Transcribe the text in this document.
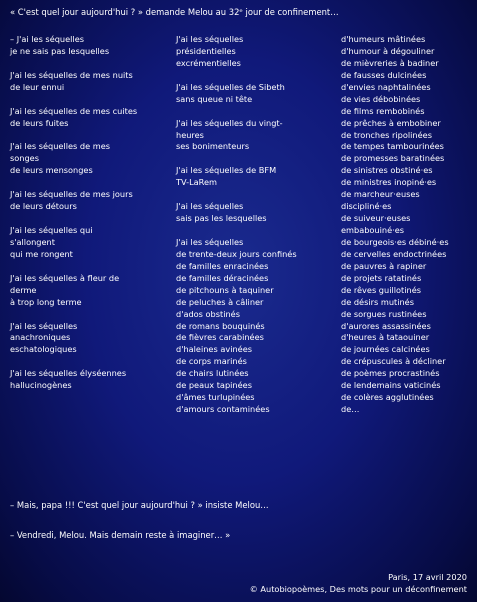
« C'est quel jour aujourd'hui ? » demande Melou au 32ᵉ jour de confinement…
– J'ai les séquelles
je ne sais pas lesquelles
J'ai les séquelles de mes nuits
de leur ennui
J'ai les séquelles de mes cuites
de leurs fuites
J'ai les séquelles de mes
songes
de leurs mensonges
J'ai les séquelles de mes jours
de leurs détours
J'ai les séquelles qui
s'allongent
qui me rongent
J'ai les séquelles à fleur de
derme
à trop long terme
J'ai les séquelles
anachroniques
eschatologiques
J'ai les séquelles élyséennes
hallucinogènes
J'ai les séquelles
présidentielles
excrémentielles
J'ai les séquelles de Sibeth
sans queue ni tête
J'ai les séquelles du vingt-
heures
ses bonimenteurs
J'ai les séquelles de BFM
TV-LaRem
J'ai les séquelles
sais pas les lesquelles
J'ai les séquelles
de trente-deux jours confinés
de familles enracinées
de familles déracinées
de pitchouns à taquiner
de peluches à câliner
d'ados obstinés
de romans bouquinés
de fièvres carabinées
d'haleines avinées
de corps marinés
de chairs lutinées
de peaux tapinées
d'âmes turlupinées
d'amours contaminées
d'humeurs mâtinées
d'humour à dégouliner
de mièvreries à badiner
de fausses dulcinées
d'envies naphtalinées
de vies débobinées
de films rembobinés
de prêches à embobiner
de tronches ripolinées
de tempes tambourinées
de promesses baratinées
de sinistres obstiné·es
de ministres inopiné·es
de marcheur·euses
discipliné·es
de suiveur·euses
embabouiné·es
de bourgeois·es débiné·es
de cervelles endoctrinées
de pauvres à rapiner
de projets ratatinés
de rêves guillotinés
de désirs mutinés
de sorgues rustinées
d'aurores assassinées
d'heures à tataouiner
de journées calcinées
de crépuscules à décliner
de poèmes procrastinés
de lendemains vaticinés
de colères agglutinées
de…
– Mais, papa !!! C'est quel jour aujourd'hui ? » insiste Melou…
– Vendredi, Melou. Mais demain reste à imaginer… »
Paris, 17 avril 2020
© Autobiopoèmes, Des mots pour un déconfinement
